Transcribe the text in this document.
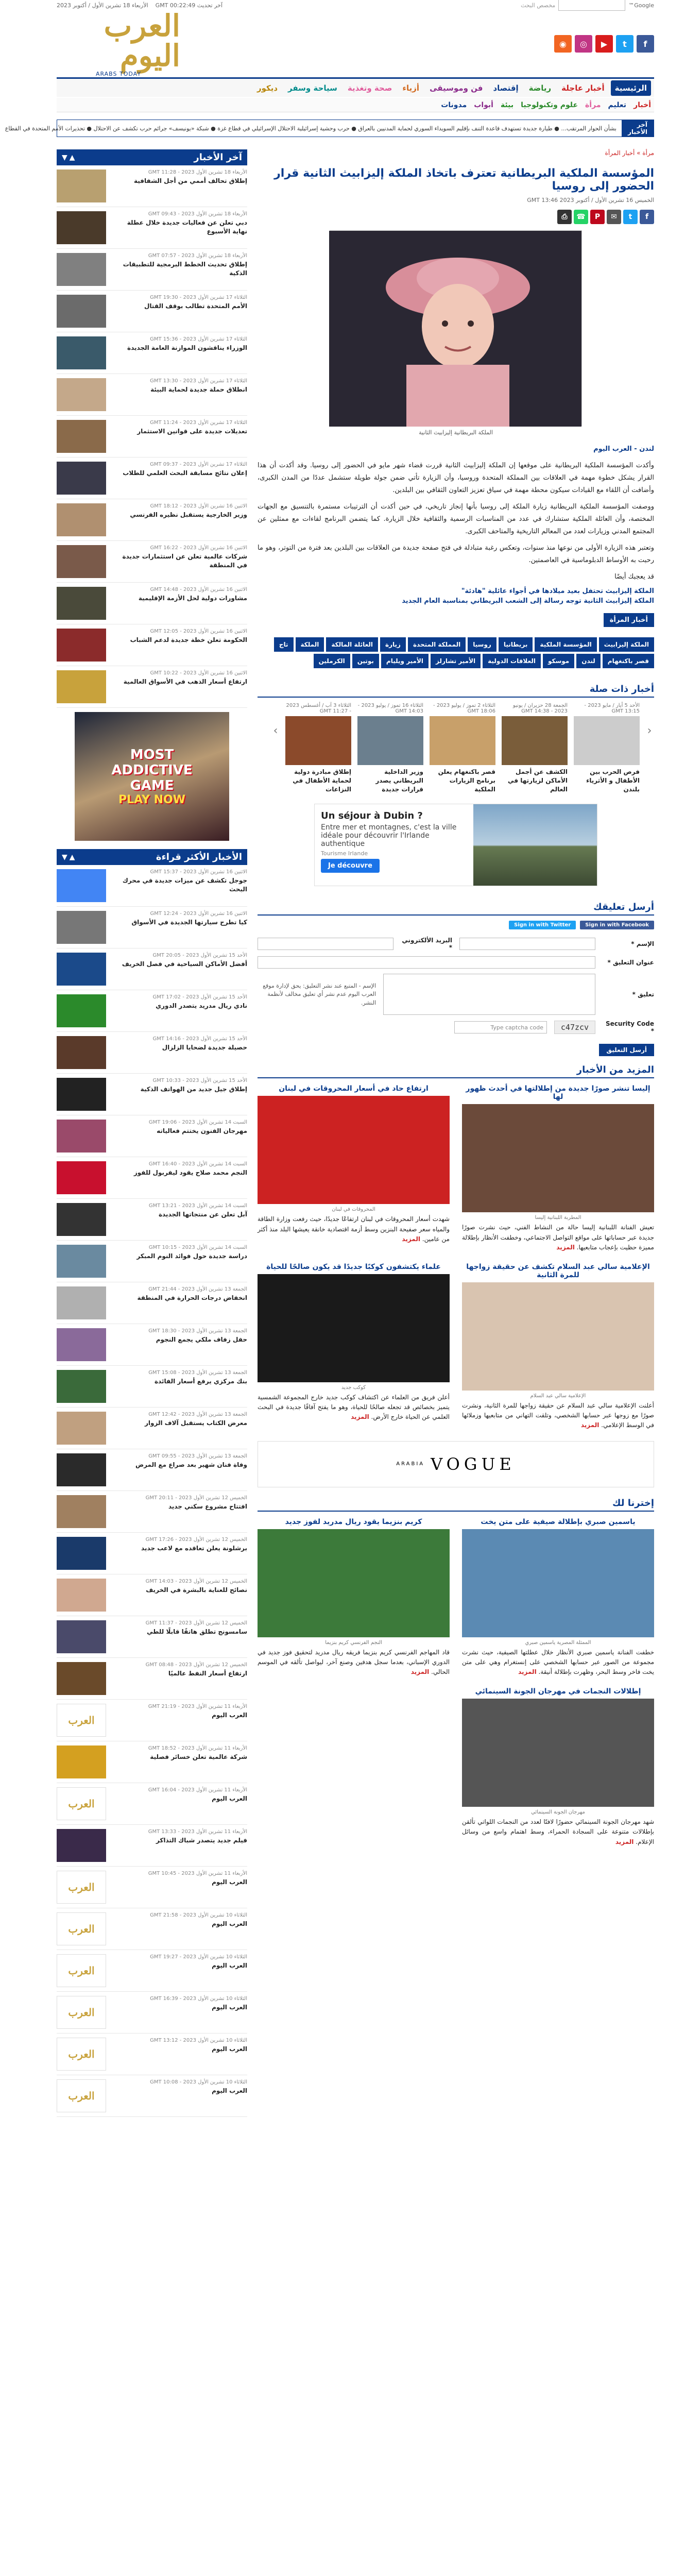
Google™
مخصص البحث
آخر تحديث GMT 00:22:49
الأربعاء 18 تشرين الأول / أكتوبر 2023
f
t
▶
◎
◉
العرب اليوم
ARABS TODAY
الرئيسية
أخبار عاجلة
رياضة
إقتصاد
فن وموسيقى
أزياء
صحة وتغذية
سياحة وسفر
ديكور
أخبار
تعليم
مرأة
علوم وتكنولوجيا
بيئة
أبواب
مدونات
آخر الأخبار
بشأن الحوار المرتقب... ● طيارة جديدة تستهدف قاعدة التنف بإقليم السويداء السوري لحماية المدنيين بالعراق ● حرب وحشية إسرائيلية الاحتلال الإسرائيلي في قطاع غزة ● شبكة «يونيسف» جرائم حرب تكشف عن الاحتلال ● تحذيرات الأمم المتحدة في القطاع
مرأة » أخبار المرأة
المؤسسة الملكية البريطانية تعترف باتخاذ الملكة إليزابيث الثانية قرار الحضور إلى روسيا
الخميس 16 تشرين الأول / أكتوبر 2023 GMT 13:46
f
t
✉
P
☎
⎙
الملكة البريطانية إليزابيث الثانية

لندن - العرب اليوم

وأكدت المؤسسة الملكية البريطانية على موقعها إن الملكة إليزابيث الثانية قررت قضاء شهر مايو في الحضور إلى روسيا. وقد أكدت أن هذا القرار يشكل خطوة مهمة في العلاقات بين المملكة المتحدة وروسيا، وأن الزيارة تأتي ضمن جولة طويلة ستشمل عددًا من المدن الكبرى، وأضافت أن اللقاء مع القيادات سيكون محطة مهمة في سياق تعزيز التعاون الثقافي بين البلدين.

ووصفت المؤسسة الملكية البريطانية زيارة الملكة إلى روسيا بأنها إنجاز تاريخي، في حين أكدت أن الترتيبات مستمرة بالتنسيق مع الجهات المختصة، وأن العائلة الملكية ستشارك في عدد من المناسبات الرسمية والثقافية خلال الزيارة. كما يتضمن البرنامج لقاءات مع ممثلين عن المجتمع المدني وزيارات لعدد من المعالم التاريخية والمتاحف الكبرى.

وتعتبر هذه الزيارة الأولى من نوعها منذ سنوات، وتعكس رغبة متبادلة في فتح صفحة جديدة من العلاقات بين البلدين بعد فترة من التوتر، وهو ما رحبت به الأوساط الدبلوماسية في العاصمتين.

قد يعجبك أيضًا

الملكة إليزابيث تحتفل بعيد ميلادها في أجواء عائلية "هادئة"
الملكة إليزابيث الثانية توجه رسالة إلى الشعب البريطاني بمناسبة العام الجديد
أخبار المرأة
الملكة إليزابيث
المؤسسة الملكية
بريطانيا
روسيا
المملكة المتحدة
زيارة
العائلة المالكة
الملكة
تاج
قصر باكنغهام
لندن
موسكو
العلاقات الدولية
الأمير تشارلز
الأمير ويليام
بوتين
الكرملين
أخبار ذات صلة
‹
الأحد 5 أيار / مايو 2023 - GMT 13:15
فرص الحرب بين الأطفال و الأثرياء بلندن
الجمعة 28 حزيران / يونيو 2023 - GMT 14:38
الكشف عن أجمل الأماكن لزيارتها في العالم
الثلاثاء 2 تموز / يوليو 2023 - GMT 18:06
قصر باكنغهام يعلن برنامج الزيارات الملكية
الثلاثاء 16 تموز / يوليو 2023 - GMT 14:03
وزير الداخلية البريطاني يصدر قرارات جديدة
الثلاثاء 3 آب / أغسطس 2023 - GMT 11:27
إطلاق مبادرة دولية لحماية الأطفال في النزاعات
›
Un séjour à Dubin ?
Entre mer et montagnes, c'est la ville idéale pour découvrir l'Irlande authentique
Tourisme Irlande
Je découvre
أرسل تعليقك
Sign in with Facebook
Sign in with Twitter
الإسم *
البريد الألكتروني *
عنوان التعليق *
تعليق *
الإسم - المتبع عند نشر التعليق: يحق لإدارة موقع العرب اليوم عدم نشر أي تعليق مخالف لأنظمة النشر.
Security Code *
c47zcv
Type captcha code
أرسل التعليق
المزيد من الأخبار
إليسا تنشر صورًا جديدة من إطلالتها في أحدث ظهور لها
المطربة اللبنانية إليسا
تعيش الفنانة اللبنانية إليسا حالة من النشاط الفني، حيث نشرت صورًا جديدة عبر حساباتها على مواقع التواصل الاجتماعي، وخطفت الأنظار بإطلالة مميزة حظيت بإعجاب متابعيها. المزيد
ارتفاع حاد في أسعار المحروقات في لبنان
المحروقات في لبنان
شهدت أسعار المحروقات في لبنان ارتفاعًا جديدًا، حيث رفعت وزارة الطاقة والمياه سعر صفيحة البنزين وسط أزمة اقتصادية خانقة يعيشها البلد منذ أكثر من عامين. المزيد
الإعلامية سالي عبد السلام تكشف عن حقيقة زواجها للمرة الثانية
الإعلامية سالي عبد السلام
أعلنت الإعلامية سالي عبد السلام عن حقيقة زواجها للمرة الثانية، ونشرت صورًا مع زوجها عبر حسابها الشخصي، وتلقت التهاني من متابعيها وزملائها في الوسط الإعلامي. المزيد
علماء يكتشفون كوكبًا جديدًا قد يكون صالحًا للحياة
كوكب جديد
أعلن فريق من العلماء عن اكتشاف كوكب جديد خارج المجموعة الشمسية يتميز بخصائص قد تجعله صالحًا للحياة، وهو ما يفتح آفاقًا جديدة في البحث العلمي عن الحياة خارج الأرض. المزيد
VOGUE
ARABIA
إخترنا لك
ياسمين صبري بإطلالة صيفية على متن يخت
الممثلة المصرية ياسمين صبري
خطفت الفنانة ياسمين صبري الأنظار خلال عطلتها الصيفية، حيث نشرت مجموعة من الصور عبر حسابها الشخصي على إنستغرام وهي على متن يخت فاخر وسط البحر، وظهرت بإطلالة أنيقة. المزيد
كريم بنزيما يقود ريال مدريد لفوز جديد
النجم الفرنسي كريم بنزيما
قاد المهاجم الفرنسي كريم بنزيما فريقه ريال مدريد لتحقيق فوز جديد في الدوري الإسباني، بعدما سجل هدفين وصنع آخر، ليواصل تألقه في الموسم الحالي. المزيد
إطلالات النجمات في مهرجان الجونة السينمائي
مهرجان الجونة السينمائي
شهد مهرجان الجونة السينمائي حضورًا لافتًا لعدد من النجمات اللواتي تألقن بإطلالات متنوعة على السجادة الحمراء، وسط اهتمام واسع من وسائل الإعلام. المزيد
آخر الأخبار
▲▼
الأربعاء 18 تشرين الأول 2023 - GMT 11:28
إطلاق تحالف أممي من أجل الشفافية
الأربعاء 18 تشرين الأول 2023 - GMT 09:43
دبي تعلن عن فعاليات جديدة خلال عطلة نهاية الأسبوع
الأربعاء 18 تشرين الأول 2023 - GMT 07:57
إطلاق تحديث الخطط البرمجية للتطبيقات الذكية
الثلاثاء 17 تشرين الأول 2023 - GMT 19:30
الأمم المتحدة تطالب بوقف القتال
الثلاثاء 17 تشرين الأول 2023 - GMT 15:36
الوزراء يناقشون الموازنة العامة الجديدة
الثلاثاء 17 تشرين الأول 2023 - GMT 13:30
انطلاق حملة جديدة لحماية البيئة
الثلاثاء 17 تشرين الأول 2023 - GMT 11:24
تعديلات جديدة على قوانين الاستثمار
الثلاثاء 17 تشرين الأول 2023 - GMT 09:37
إعلان نتائج مسابقة البحث العلمي للطلاب
الاثنين 16 تشرين الأول 2023 - GMT 18:12
وزير الخارجية يستقبل نظيره الفرنسي
الاثنين 16 تشرين الأول 2023 - GMT 16:22
شركات عالمية تعلن عن استثمارات جديدة في المنطقة
الاثنين 16 تشرين الأول 2023 - GMT 14:48
مشاورات دولية لحل الأزمة الإقليمية
الاثنين 16 تشرين الأول 2023 - GMT 12:05
الحكومة تعلن خطة جديدة لدعم الشباب
الاثنين 16 تشرين الأول 2023 - GMT 10:22
ارتفاع أسعار الذهب في الأسواق العالمية
MOST
ADDICTIVE
GAME
PLAY NOW
الأخبار الأكثر قراءة
▲▼
الاثنين 16 تشرين الأول 2023 - GMT 15:37
جوجل تكشف عن ميزات جديدة في محرك البحث
الاثنين 16 تشرين الأول 2023 - GMT 12:24
كيا تطرح سيارتها الجديدة في الأسواق
الأحد 15 تشرين الأول 2023 - GMT 20:05
أفضل الأماكن السياحية في فصل الخريف
الأحد 15 تشرين الأول 2023 - GMT 17:02
نادي ريال مدريد يتصدر الدوري
الأحد 15 تشرين الأول 2023 - GMT 14:16
حصيلة جديدة لضحايا الزلزال
الأحد 15 تشرين الأول 2023 - GMT 10:33
إطلاق جيل جديد من الهواتف الذكية
السبت 14 تشرين الأول 2023 - GMT 19:06
مهرجان الفنون يختتم فعالياته
السبت 14 تشرين الأول 2023 - GMT 16:40
النجم محمد صلاح يقود ليفربول للفوز
السبت 14 تشرين الأول 2023 - GMT 13:21
آبل تعلن عن منتجاتها الجديدة
السبت 14 تشرين الأول 2023 - GMT 10:15
دراسة جديدة حول فوائد النوم المبكر
الجمعة 13 تشرين الأول 2023 - GMT 21:44
انخفاض درجات الحرارة في المنطقة
الجمعة 13 تشرين الأول 2023 - GMT 18:30
حفل زفاف ملكي يجمع النجوم
الجمعة 13 تشرين الأول 2023 - GMT 15:08
بنك مركزي يرفع أسعار الفائدة
الجمعة 13 تشرين الأول 2023 - GMT 12:42
معرض الكتاب يستقبل آلاف الزوار
الجمعة 13 تشرين الأول 2023 - GMT 09:55
وفاة فنان شهير بعد صراع مع المرض
الخميس 12 تشرين الأول 2023 - GMT 20:11
افتتاح مشروع سكني جديد
الخميس 12 تشرين الأول 2023 - GMT 17:26
برشلونة يعلن تعاقده مع لاعب جديد
الخميس 12 تشرين الأول 2023 - GMT 14:03
نصائح للعناية بالبشرة في الخريف
الخميس 12 تشرين الأول 2023 - GMT 11:37
سامسونج تطلق هاتفًا قابلًا للطي
الخميس 12 تشرين الأول 2023 - GMT 08:48
ارتفاع أسعار النفط عالميًا
الأربعاء 11 تشرين الأول 2023 - GMT 21:19
العرب اليوم
العرب
الأربعاء 11 تشرين الأول 2023 - GMT 18:52
شركة عالمية تعلن خسائر فصلية
الأربعاء 11 تشرين الأول 2023 - GMT 16:04
العرب اليوم
العرب
الأربعاء 11 تشرين الأول 2023 - GMT 13:33
فيلم جديد يتصدر شباك التذاكر
الأربعاء 11 تشرين الأول 2023 - GMT 10:45
العرب اليوم
العرب
الثلاثاء 10 تشرين الأول 2023 - GMT 21:58
العرب اليوم
العرب
الثلاثاء 10 تشرين الأول 2023 - GMT 19:27
العرب اليوم
العرب
الثلاثاء 10 تشرين الأول 2023 - GMT 16:39
العرب اليوم
العرب
الثلاثاء 10 تشرين الأول 2023 - GMT 13:12
العرب اليوم
العرب
الثلاثاء 10 تشرين الأول 2023 - GMT 10:08
العرب اليوم
العرب
